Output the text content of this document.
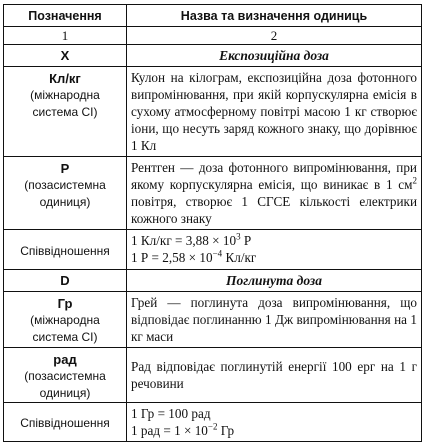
Позначення	Назва та визначення одиниць
1	2
X	Експозиційна доза

Кл/кг
(міжнародна система СІ)	Кулон на кілограм, експозиційна доза фотонного випромінювання, при якій корпускулярна емісія в сухому атмосферному повітрі масою 1 кг створює іони, що несуть заряд кожного знаку, що дорівнює 1 Кл

Р
(позасистемна одиниця)	Рентген — доза фотонного випромінювання, при якому корпускулярна емісія, що виникає в 1 $см^2$ повітря, створює 1 СГСЕ кількості електрики кожного знаку
Співвідношення	1 $Кл/кг = 3,88 \times 10^3$ Р
1 $Р = 2,58 \times 10^{-4}$ Кл/кг

D	Поглинута доза

Гр
(міжнародна система СІ)	Грей — поглинута доза випромінювання, що відповідає поглинанню 1 Дж випромінювання на 1 кг маси

рад
(позасистемна одиниця)	Рад відповідає поглинутій енергії 100 ерг на 1 г речовини
Співвідношення	1 Гр = 100 рад
1 рад = $1 \times 10^{-2}$ Гр
